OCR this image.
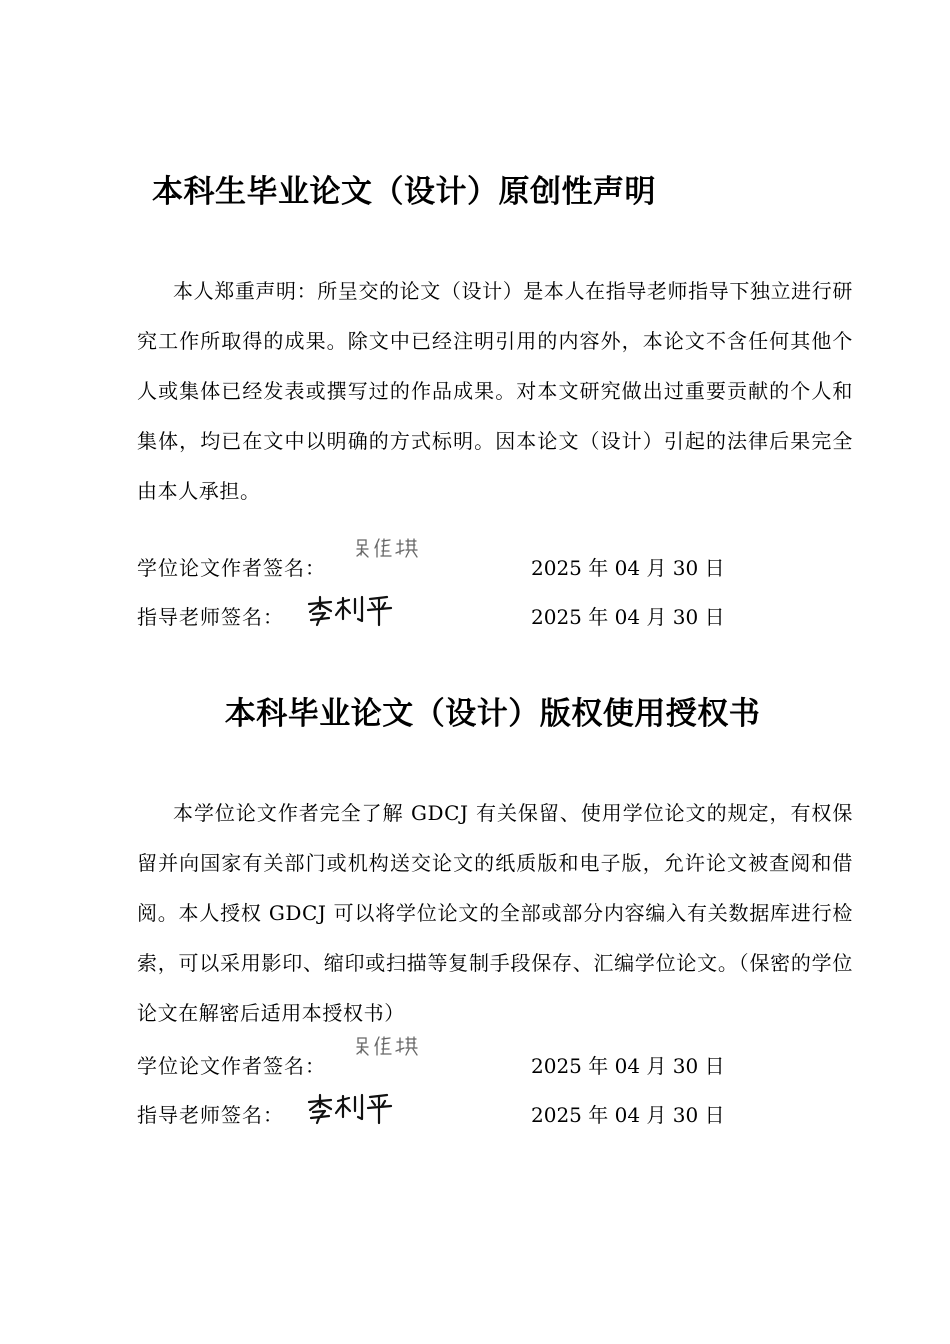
本科生毕业论文（设计）原创性声明

本人郑重声明：所呈交的论文（设计）是本人在指导老师指导下独立进行研究工作所取得的成果。除文中已经注明引用的内容外，本论文不含任何其他个人或集体已经发表或撰写过的作品成果。对本文研究做出过重要贡献的个人和集体，均已在文中以明确的方式标明。因本论文（设计）引起的法律后果完全由本人承担。

学位论文作者签名：	2025 年 04 月 30 日
指导老师签名：	2025 年 04 月 30 日
本科毕业论文（设计）版权使用授权书

本学位论文作者完全了解 GDCJ 有关保留、使用学位论文的规定，有权保留并向国家有关部门或机构送交论文的纸质版和电子版，允许论文被查阅和借阅。本人授权 GDCJ 可以将学位论文的全部或部分内容编入有关数据库进行检索，可以采用影印、缩印或扫描等复制手段保存、汇编学位论文。（保密的学位论文在解密后适用本授权书）

学位论文作者签名：	2025 年 04 月 30 日
指导老师签名：	2025 年 04 月 30 日
